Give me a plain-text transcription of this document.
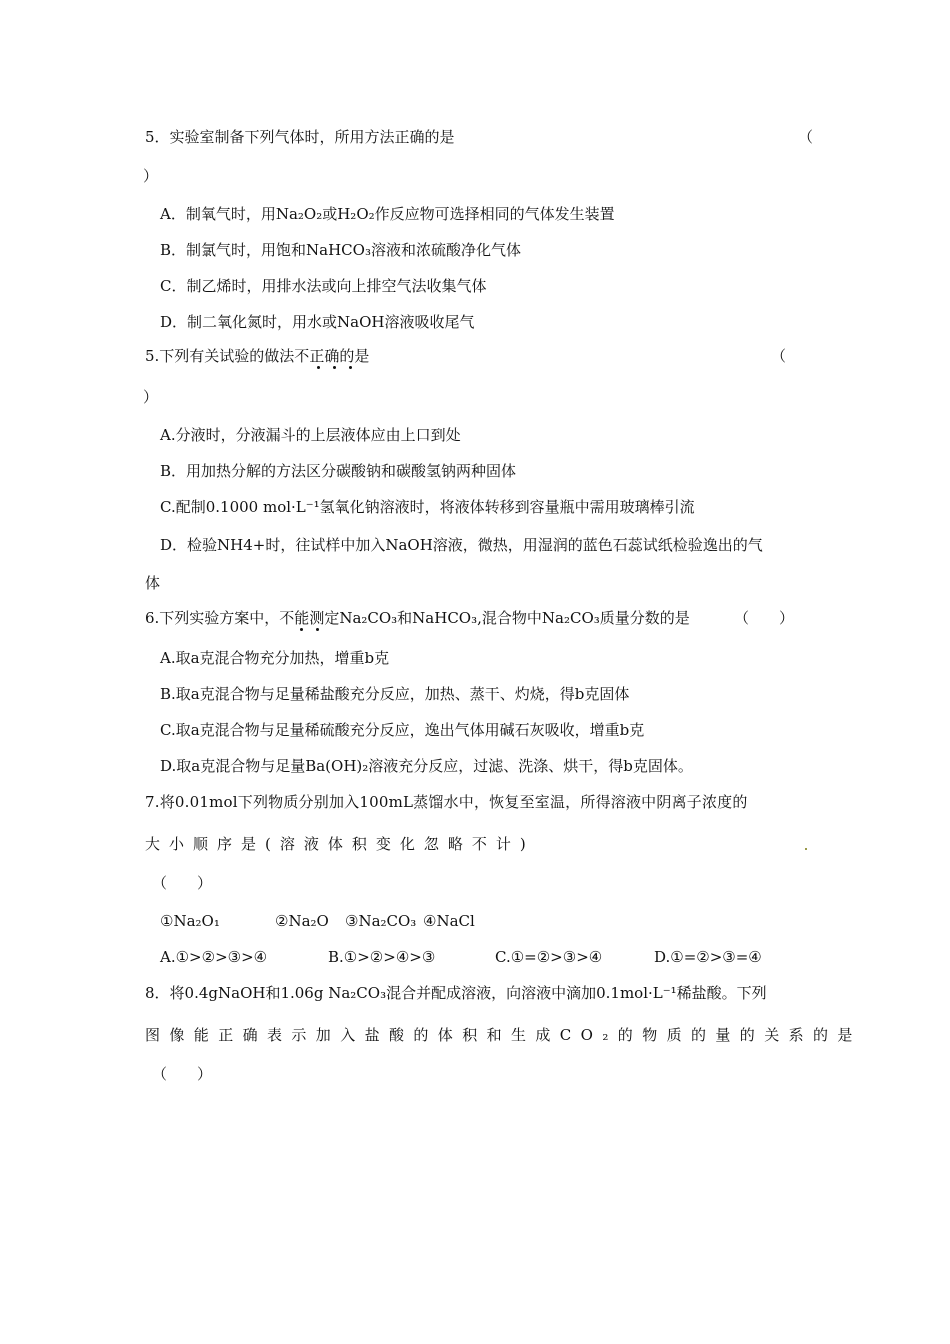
5．实验室制备下列气体时，所用方法正确的是	（
）
A．制氧气时，用Na₂O₂或H₂O₂作反应物可选择相同的气体发生装置
B．制氯气时，用饱和NaHCO₃溶液和浓硫酸净化气体
C．制乙烯时，用排水法或向上排空气法收集气体
D．制二氧化氮时，用水或NaOH溶液吸收尾气
5.下列有关试验的做法不正确的是	（
）
A.分液时，分液漏斗的上层液体应由上口到处
B．用加热分解的方法区分碳酸钠和碳酸氢钠两种固体
C.配制0.1000 mol·L⁻¹氢氧化钠溶液时，将液体转移到容量瓶中需用玻璃棒引流
D．检验NH4+时，往试样中加入NaOH溶液，微热，用湿润的蓝色石蕊试纸检验逸出的气
体
6.下列实验方案中，不能测定Na₂CO₃和NaHCO₃,混合物中Na₂CO₃质量分数的是	（　　）
A.取a克混合物充分加热，增重b克
B.取a克混合物与足量稀盐酸充分反应，加热、蒸干、灼烧，得b克固体
C.取a克混合物与足量稀硫酸充分反应，逸出气体用碱石灰吸收，增重b克
D.取a克混合物与足量Ba(OH)₂溶液充分反应，过滤、洗涤、烘干，得b克固体。
7.将0.01mol下列物质分别加入100mL蒸馏水中，恢复至室温，所得溶液中阴离子浓度的
大小顺序是(溶液体积变化忽略不计)
（　　）
①Na₂O₁	②Na₂O ③Na₂CO₃ ④NaCl
A.①>②>③>④	B.①>②>④>③	C.①=②>③>④	D.①=②>③=④
8．将0.4gNaOH和1.06g Na₂CO₃混合并配成溶液，向溶液中滴加0.1mol·L⁻¹稀盐酸。下列
图像能正确表示加入盐酸的体积和生成CO₂的物质的量的关系的是
（　　）
